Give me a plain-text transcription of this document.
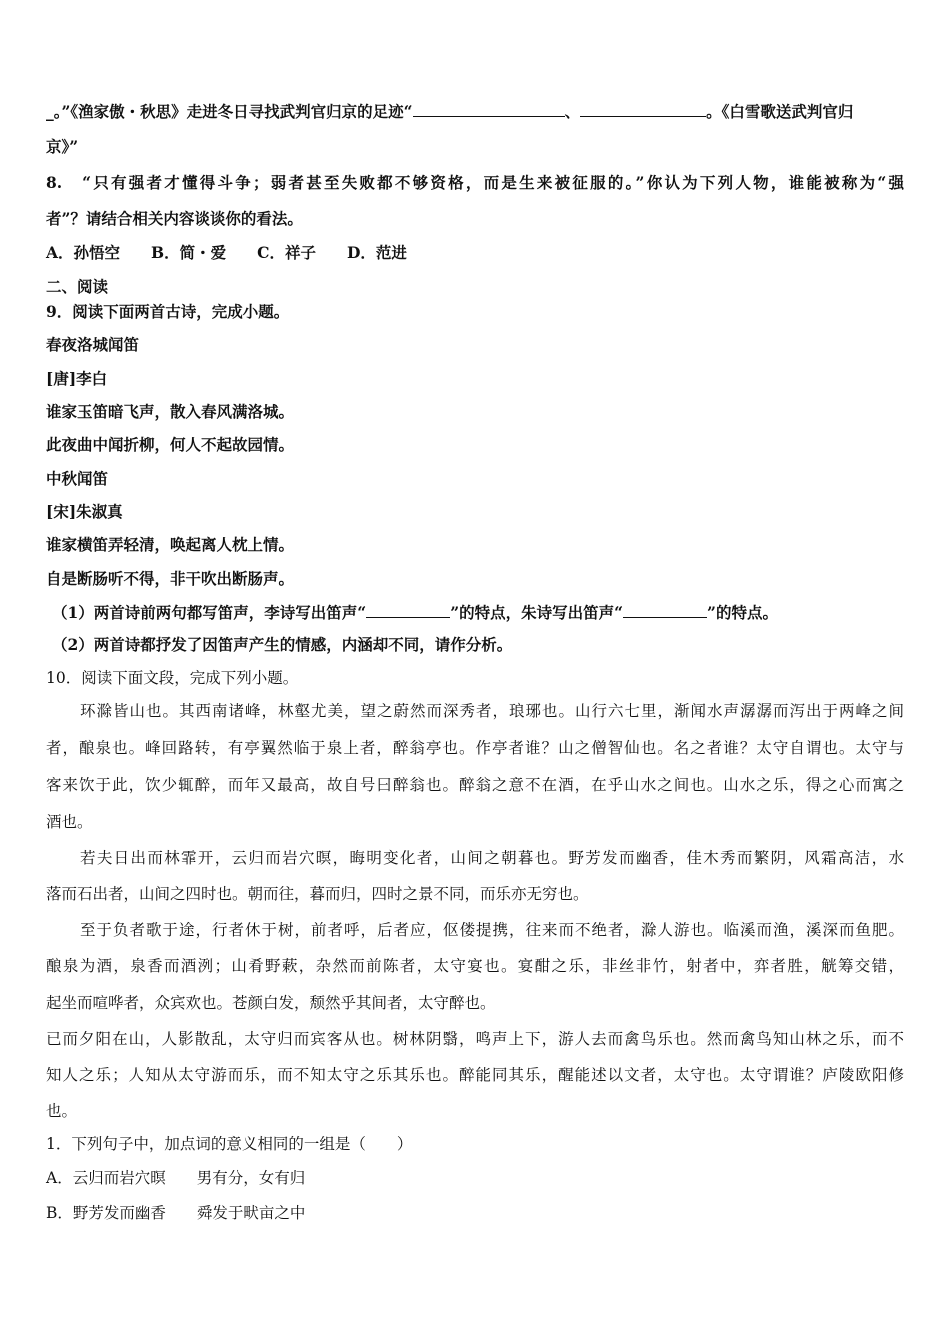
_。”《渔家傲・秋思》走进冬日寻找武判官归京的足迹“	、	。《白雪歌送武判官归
京》”
8.　“只有强者才懂得斗争；弱者甚至失败都不够资格，而是生来被征服的。”你认为下列人物，谁能被称为“强
者”？请结合相关内容谈谈你的看法。
A．孙悟空　　B．简・爱　　C．祥子　　D．范进
二、阅读
9．阅读下面两首古诗，完成小题。
春夜洛城闻笛
[唐]李白
谁家玉笛暗飞声，散入春风满洛城。
此夜曲中闻折柳，何人不起故园情。
中秋闻笛
[宋]朱淑真
谁家横笛弄轻清，唤起离人枕上情。
自是断肠听不得，非干吹出断肠声。
（1）两首诗前两句都写笛声，李诗写出笛声“	”的特点，朱诗写出笛声“	”的特点。
（2）两首诗都抒发了因笛声产生的情感，内涵却不同，请作分析。
10．阅读下面文段，完成下列小题。
环滁皆山也。其西南诸峰，林壑尤美，望之蔚然而深秀者，琅琊也。山行六七里，渐闻水声潺潺而泻出于两峰之间
者，酿泉也。峰回路转，有亭翼然临于泉上者，醉翁亭也。作亭者谁？山之僧智仙也。名之者谁？太守自谓也。太守与
客来饮于此，饮少辄醉，而年又最高，故自号曰醉翁也。醉翁之意不在酒，在乎山水之间也。山水之乐，得之心而寓之
酒也。
若夫日出而林霏开，云归而岩穴暝，晦明变化者，山间之朝暮也。野芳发而幽香，佳木秀而繁阴，风霜高洁，水
落而石出者，山间之四时也。朝而往，暮而归，四时之景不同，而乐亦无穷也。
至于负者歌于途，行者休于树，前者呼，后者应，伛偻提携，往来而不绝者，滁人游也。临溪而渔，溪深而鱼肥。
酿泉为酒，泉香而酒洌；山肴野蔌，杂然而前陈者，太守宴也。宴酣之乐，非丝非竹，射者中，弈者胜，觥筹交错，
起坐而喧哗者，众宾欢也。苍颜白发，颓然乎其间者，太守醉也。
已而夕阳在山，人影散乱，太守归而宾客从也。树林阴翳，鸣声上下，游人去而禽鸟乐也。然而禽鸟知山林之乐，而不
知人之乐；人知从太守游而乐，而不知太守之乐其乐也。醉能同其乐，醒能述以文者，太守也。太守谓谁？庐陵欧阳修
也。
1．下列句子中，加点词的意义相同的一组是（　　）
A．云归而岩穴暝　　男有分，女有归
B．野芳发而幽香　　舜发于畎亩之中
